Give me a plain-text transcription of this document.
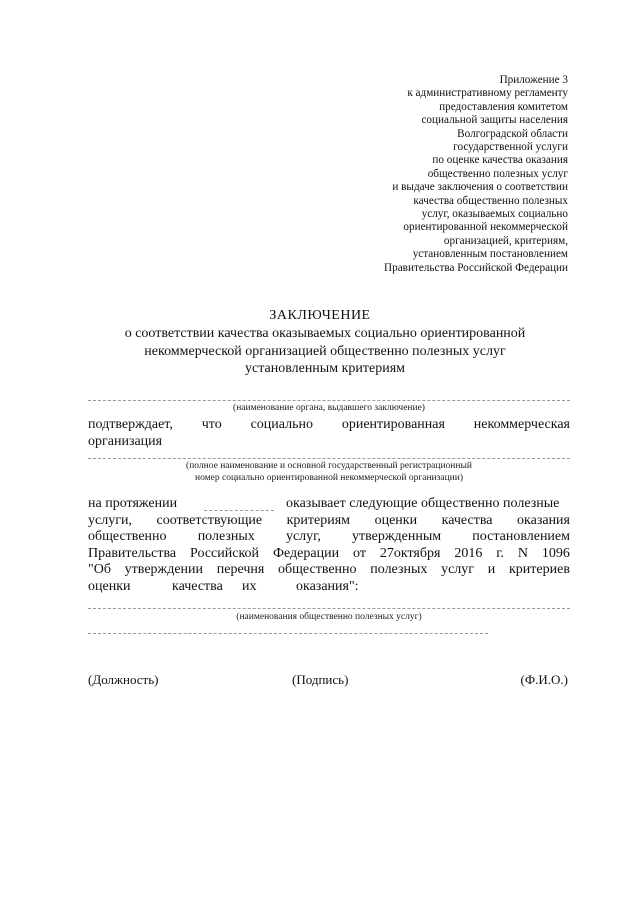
Приложение 3
к административному регламенту
предоставления комитетом
социальной защиты населения
Волгоградской области
государственной услуги
по оценке качества оказания
общественно полезных услуг
и выдаче заключения о соответствии
качества общественно полезных
услуг, оказываемых социально
ориентированной некоммерческой
организацией, критериям,
установленным постановлением
Правительства Российской Федерации
ЗАКЛЮЧЕНИЕ
о соответствии качества оказываемых социально ориентированной
некоммерческой организацией общественно полезных услуг
установленным критериям
(наименование органа, выдавшего заключение)
подтверждает, что социально ориентированная некоммерческая
организация
(полное наименование и основной государственный регистрационный
номер социально ориентированной некоммерческой организации)
на протяжении	оказывает следующие общественно полезные
услуги, соответствующие критериям оценки качества оказания
общественно полезных услуг, утвержденным постановлением
Правительства Российской Федерации от 27октября 2016 г. N 1096
"Об утверждении перечня общественно полезных услуг и критериев
оценки	качества их	оказания":
(наименования общественно полезных услуг)
(Должность)	(Подпись)	(Ф.И.О.)
